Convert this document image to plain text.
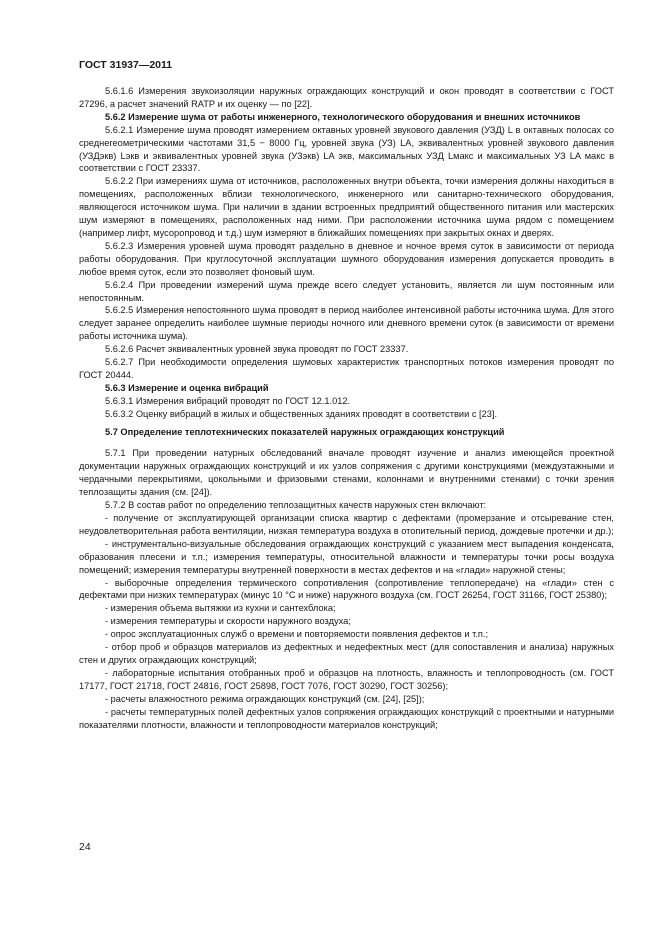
ГОСТ 31937—2011

5.6.1.6 Измерения звукоизоляции наружных ограждающих конструкций и окон проводят в соответствии с ГОСТ 27296, а расчет значений RАТР и их оценку — по [22].

5.6.2 Измерение шума от работы инженерного, технологического оборудования и внешних источников

5.6.2.1 Измерение шума проводят измерением октавных уровней звукового давления (УЗД) L в октавных полосах со среднегеометрическими частотами 31,5 − 8000 Гц, уровней звука (УЗ) LA, эквивалентных уровней звукового давления (УЗДэкв) Lэкв и эквивалентных уровней звука (УЗэкв) LA экв, максимальных УЗД Lмакс и максимальных УЗ LA макс в соответствии с ГОСТ 23337.

5.6.2.2 При измерениях шума от источников, расположенных внутри объекта, точки измерения должны находиться в помещениях, расположенных вблизи технологического, инженерного или санитарно-технического оборудования, являющегося источником шума. При наличии в здании встроенных предприятий общественного питания или мастерских шум измеряют в помещениях, расположенных над ними. При расположении источника шума рядом с помещением (например лифт, мусоропровод и т.д.) шум измеряют в ближайших помещениях при закрытых окнах и дверях.

5.6.2.3 Измерения уровней шума проводят раздельно в дневное и ночное время суток в зависимости от периода работы оборудования. При круглосуточной эксплуатации шумного оборудования измерения допускается проводить в любое время суток, если это позволяет фоновый шум.

5.6.2.4 При проведении измерений шума прежде всего следует установить, является ли шум постоянным или непостоянным.

5.6.2.5 Измерения непостоянного шума проводят в период наиболее интенсивной работы источника шума. Для этого следует заранее определить наиболее шумные периоды ночного или дневного времени суток (в зависимости от времени работы источника шума).

5.6.2.6 Расчет эквивалентных уровней звука проводят по ГОСТ 23337.

5.6.2.7 При необходимости определения шумовых характеристик транспортных потоков измерения проводят по ГОСТ 20444.

5.6.3 Измерение и оценка вибраций

5.6.3.1 Измерения вибраций проводят по ГОСТ 12.1.012.

5.6.3.2 Оценку вибраций в жилых и общественных зданиях проводят в соответствии с [23].

5.7 Определение теплотехнических показателей наружных ограждающих конструкций

5.7.1 При проведении натурных обследований вначале проводят изучение и анализ имеющейся проектной документации наружных ограждающих конструкций и их узлов сопряжения с другими конструкциями (междуэтажными и чердачными перекрытиями, цокольными и фризовыми стенами, колоннами и внутренними стенами) с точки зрения теплозащиты здания (см. [24]).

5.7.2 В состав работ по определению теплозащитных качеств наружных стен включают:

- получение от эксплуатирующей организации списка квартир с дефектами (промерзание и отсыревание стен, неудовлетворительная работа вентиляции, низкая температура воздуха в отопительный период, дождевые протечки и др.);

- инструментально-визуальные обследования ограждающих конструкций с указанием мест выпадения конденсата, образования плесени и т.п.; измерения температуры, относительной влажности и температуры точки росы воздуха помещений; измерения температуры внутренней поверхности в местах дефектов и на «глади» наружной стены;

- выборочные определения термического сопротивления (сопротивление теплопередаче) на «глади» стен с дефектами при низких температурах (минус 10 °С и ниже) наружного воздуха (см. ГОСТ 26254, ГОСТ 31166, ГОСТ 25380);

- измерения объема вытяжки из кухни и сантехблока;

- измерения температуры и скорости наружного воздуха;

- опрос эксплуатационных служб о времени и повторяемости появления дефектов и т.п.;

- отбор проб и образцов материалов из дефектных и недефектных мест (для сопоставления и анализа) наружных стен и других ограждающих конструкций;

- лабораторные испытания отобранных проб и образцов на плотность, влажность и теплопроводность (см. ГОСТ 17177, ГОСТ 21718, ГОСТ 24816, ГОСТ 25898, ГОСТ 7076, ГОСТ 30290, ГОСТ 30256);

- расчеты влажностного режима ограждающих конструкций (см. [24], [25]);

- расчеты температурных полей дефектных узлов сопряжения ограждающих конструкций с проектными и натурными показателями плотности, влажности и теплопроводности материалов конструкций;

24
